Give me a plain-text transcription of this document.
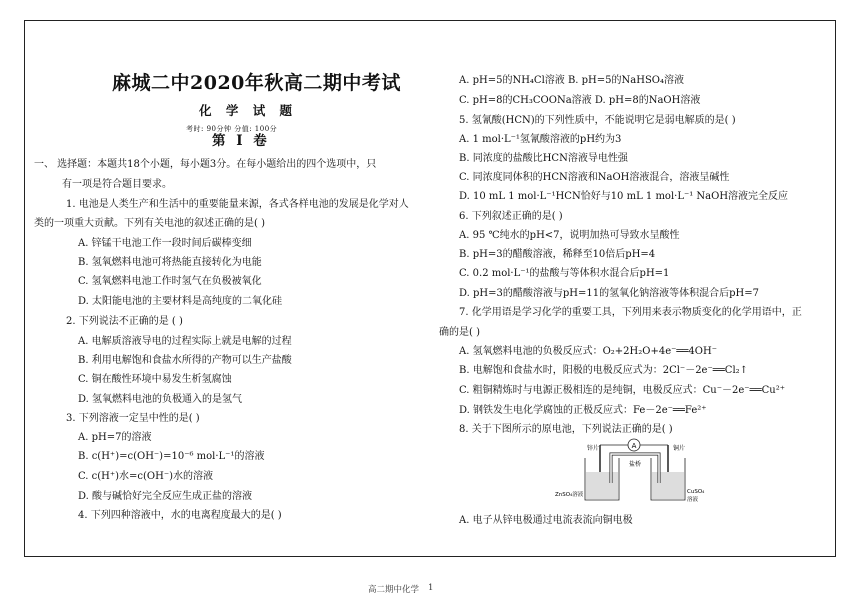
麻城二中2020年秋高二期中考试
化 学 试 题
考时: 90分钟 分值: 100分
第 Ⅰ 卷
一、 选择题：本题共18个小题，每小题3分。在每小题给出的四个选项中，只
有一项是符合题目要求。
1. 电池是人类生产和生活中的重要能量来源，各式各样电池的发展是化学对人
类的一项重大贡献。下列有关电池的叙述正确的是( )
A. 锌锰干电池工作一段时间后碳棒变细
B. 氢氧燃料电池可将热能直接转化为电能
C. 氢氧燃料电池工作时氢气在负极被氧化
D. 太阳能电池的主要材料是高纯度的二氧化硅
2. 下列说法不正确的是 ( )
A. 电解质溶液导电的过程实际上就是电解的过程
B. 利用电解饱和食盐水所得的产物可以生产盐酸
C. 铜在酸性环境中易发生析氢腐蚀
D. 氢氧燃料电池的负极通入的是氢气
3. 下列溶液一定呈中性的是( )
A. pH=7的溶液
B. c(H⁺)=c(OH⁻)=10⁻⁶ mol·L⁻¹的溶液
C. c(H⁺)水=c(OH⁻)水的溶液
D. 酸与碱恰好完全反应生成正盐的溶液
4. 下列四种溶液中，水的电离程度最大的是( )
A. pH=5的NH₄Cl溶液 B. pH=5的NaHSO₄溶液
C. pH=8的CH₃COONa溶液 D. pH=8的NaOH溶液
5. 氢氰酸(HCN)的下列性质中，不能说明它是弱电解质的是( )
A. 1 mol·L⁻¹氢氰酸溶液的pH约为3
B. 同浓度的盐酸比HCN溶液导电性强
C. 同浓度同体积的HCN溶液和NaOH溶液混合，溶液呈碱性
D. 10 mL 1 mol·L⁻¹HCN恰好与10 mL 1 mol·L⁻¹ NaOH溶液完全反应
6. 下列叙述正确的是( )
A. 95 ℃纯水的pH<7，说明加热可导致水呈酸性
B. pH=3的醋酸溶液，稀释至10倍后pH=4
C. 0.2 mol·L⁻¹的盐酸与等体积水混合后pH=1
D. pH=3的醋酸溶液与pH=11的氢氧化钠溶液等体积混合后pH=7
7. 化学用语是学习化学的重要工具，下列用来表示物质变化的化学用语中，正
确的是( )
A. 氢氧燃料电池的负极反应式：O₂+2H₂O+4e⁻══4OH⁻
B. 电解饱和食盐水时，阳极的电极反应式为：2Cl⁻－2e⁻══Cl₂↑
C. 粗铜精炼时与电源正极相连的是纯铜，电极反应式：Cu⁻－2e⁻══Cu²⁺
D. 钢铁发生电化学腐蚀的正极反应式：Fe－2e⁻══Fe²⁺
8. 关于下图所示的原电池，下列说法正确的是( )
A. 电子从锌电极通过电流表流向铜电极
A
锌片
盐桥
铜片
ZnSO₄溶液	CuSO₄
溶液
高二期中化学 1
